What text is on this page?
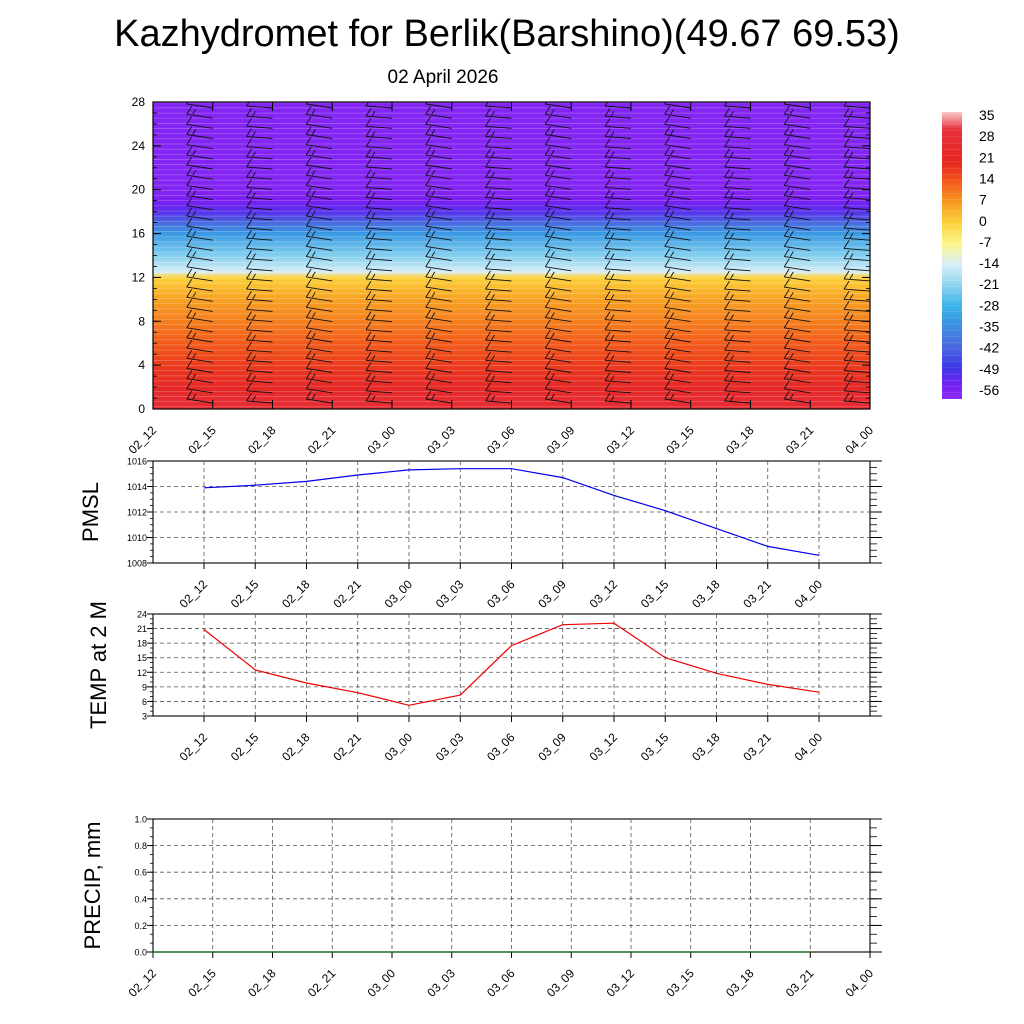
Kazhydromet for Berlik(Barshino)(49.67 69.53)
02 April 2026
0
4
8
12
16
20
24
28
02_12 02_15 02_18 02_21 03_00 03_03 03_06 03_09 03_12 03_15 03_18 03_21 04_00
35
28
21
14
7
0
-7
-14
-21
-28
-35
-42
-49
-56
1008
1010
1012
1014
1016
02_12 02_15 02_18 02_21 03_00 03_03 03_06 03_09 03_12 03_15 03_18 03_21 04_00
PMSL
3
6
9
12
15
18
21
24
02_12 02_15 02_18 02_21 03_00 03_03 03_06 03_09 03_12 03_15 03_18 03_21 04_00
TEMP at 2 M
0.0
0.2
0.4
0.6
0.8
1.0
02_12 02_15 02_18 02_21 03_00 03_03 03_06 03_09 03_12 03_15 03_18 03_21 04_00
PRECIP, mm
